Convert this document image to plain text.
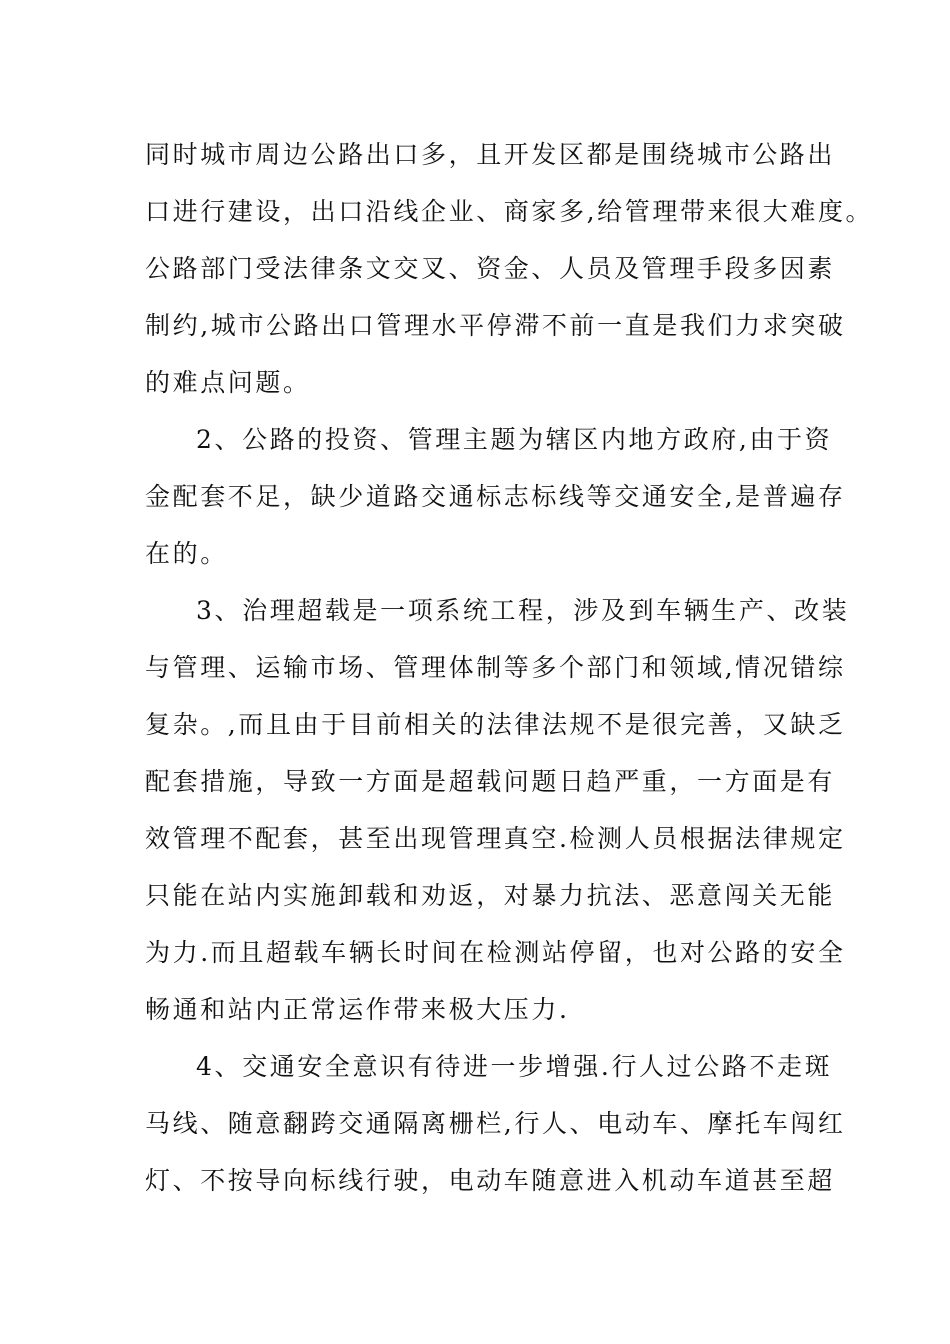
同时城市周边公路出口多，且开发区都是围绕城市公路出
口进行建设，出口沿线企业、商家多,给管理带来很大难度。
公路部门受法律条文交叉、资金、人员及管理手段多因素
制约,城市公路出口管理水平停滞不前一直是我们力求突破
的难点问题。
2、公路的投资、管理主题为辖区内地方政府,由于资
金配套不足，缺少道路交通标志标线等交通安全,是普遍存
在的。
3、治理超载是一项系统工程，涉及到车辆生产、改装
与管理、运输市场、管理体制等多个部门和领域,情况错综
复杂。,而且由于目前相关的法律法规不是很完善，又缺乏
配套措施，导致一方面是超载问题日趋严重，一方面是有
效管理不配套，甚至出现管理真空.检测人员根据法律规定
只能在站内实施卸载和劝返，对暴力抗法、恶意闯关无能
为力.而且超载车辆长时间在检测站停留，也对公路的安全
畅通和站内正常运作带来极大压力.
4、交通安全意识有待进一步增强.行人过公路不走斑
马线、随意翻跨交通隔离栅栏,行人、电动车、摩托车闯红
灯、不按导向标线行驶，电动车随意进入机动车道甚至超
